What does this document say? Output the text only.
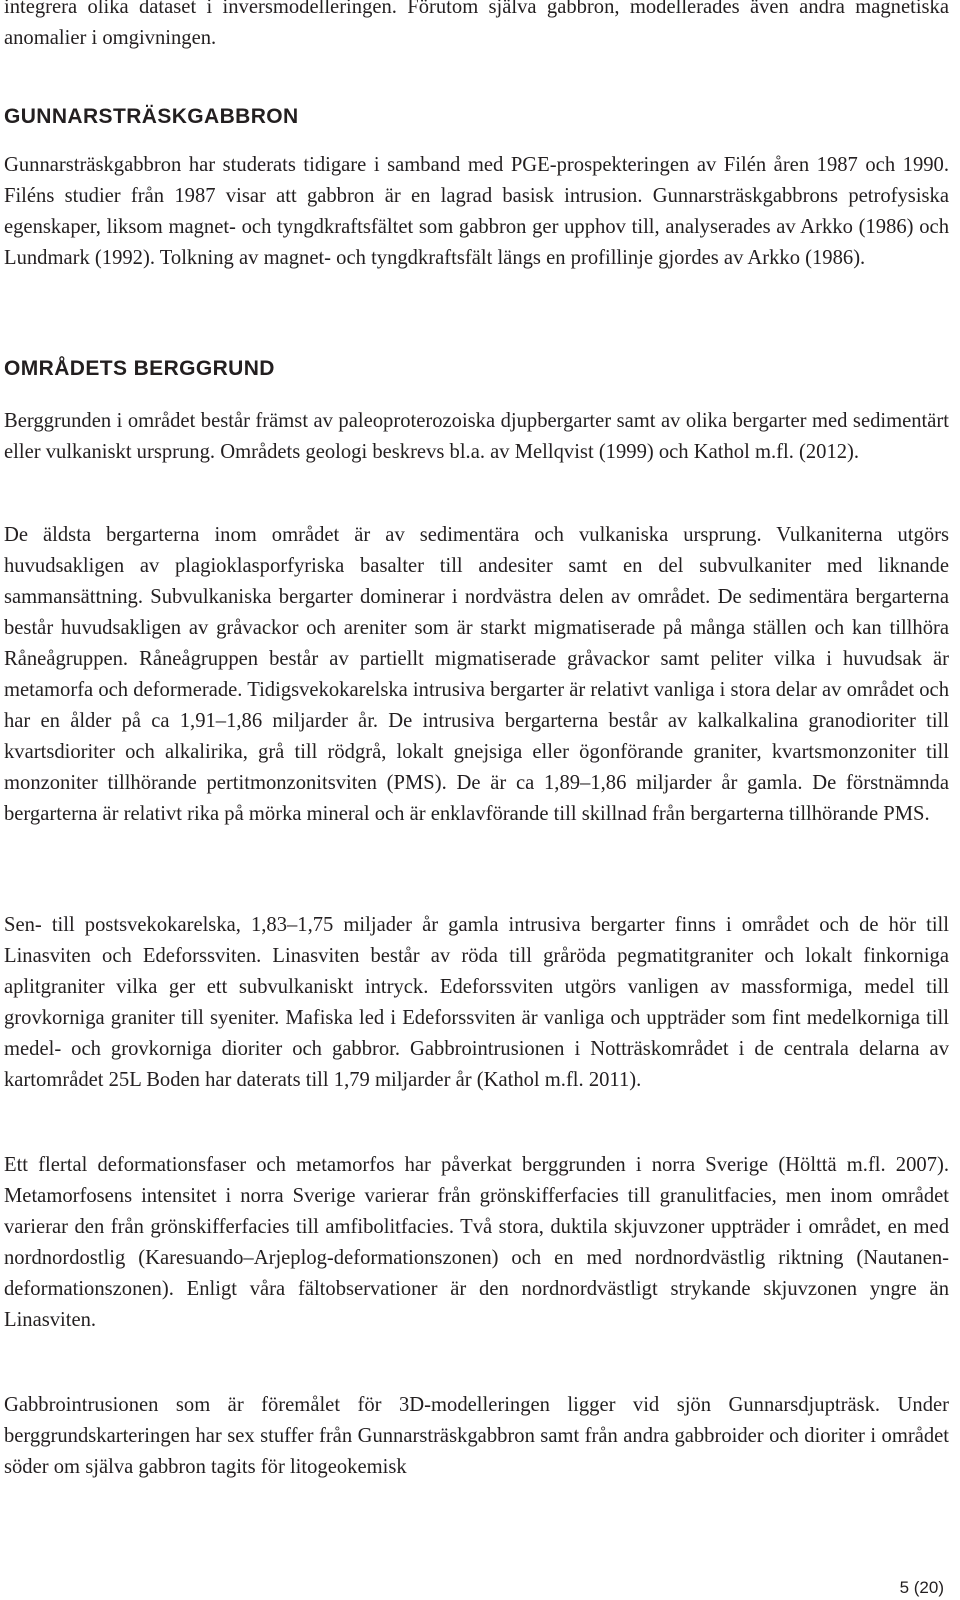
integrera olika dataset i inversmodelleringen. Förutom själva gabbron, modellerades även andra magnetiska anomalier i omgivningen.

GUNNARSTRÄSKGABBRON

Gunnarsträskgabbron har studerats tidigare i samband med PGE-prospekteringen av Filén åren 1987 och 1990. Filéns studier från 1987 visar att gabbron är en lagrad basisk intrusion. Gunnarsträskgabbrons petrofysiska egenskaper, liksom magnet- och tyngdkraftsfältet som gabbron ger upphov till, analyserades av Arkko (1986) och Lundmark (1992). Tolkning av magnet- och tyngdkraftsfält längs en profillinje gjordes av Arkko (1986).

OMRÅDETS BERGGRUND

Berggrunden i området består främst av paleoproterozoiska djupbergarter samt av olika bergarter med sedimentärt eller vulkaniskt ursprung. Områdets geologi beskrevs bl.a. av Mellqvist (1999) och Kathol m.fl. (2012).

De äldsta bergarterna inom området är av sedimentära och vulkaniska ursprung. Vulkaniterna utgörs huvudsakligen av plagioklasporfyriska basalter till andesiter samt en del subvulkaniter med liknande sammansättning. Subvulkaniska bergarter dominerar i nordvästra delen av området. De sedimentära bergarterna består huvudsakligen av gråvackor och areniter som är starkt migmatiserade på många ställen och kan tillhöra Råneågruppen. Råneågruppen består av partiellt migmatiserade gråvackor samt peliter vilka i huvudsak är metamorfa och deformerade. Tidigsvekokarelska intrusiva bergarter är relativt vanliga i stora delar av området och har en ålder på ca 1,91–1,86 miljarder år. De intrusiva bergarterna består av kalkalkalina granodioriter till kvartsdioriter och alkalirika, grå till rödgrå, lokalt gnejsiga eller ögonförande graniter, kvartsmonzoniter till monzoniter tillhörande pertitmonzonitsviten (PMS). De är ca 1,89–1,86 miljarder år gamla. De förstnämnda bergarterna är relativt rika på mörka mineral och är enklavförande till skillnad från bergarterna tillhörande PMS.

Sen- till postsvekokarelska, 1,83–1,75 miljader år gamla intrusiva bergarter finns i området och de hör till Linasviten och Edeforssviten. Linasviten består av röda till gråröda pegmatitgraniter och lokalt finkorniga aplitgraniter vilka ger ett subvulkaniskt intryck. Edeforssviten utgörs vanligen av massformiga, medel till grovkorniga graniter till syeniter. Mafiska led i Edeforssviten är vanliga och uppträder som fint medelkorniga till medel- och grovkorniga dioriter och gabbror. Gabbrointrusionen i Notträskområdet i de centrala delarna av kartområdet 25L Boden har daterats till 1,79 miljarder år (Kathol m.fl. 2011).

Ett flertal deformationsfaser och metamorfos har påverkat berggrunden i norra Sverige (Hölttä m.fl. 2007). Metamorfosens intensitet i norra Sverige varierar från grönskifferfacies till granulitfacies, men inom området varierar den från grönskifferfacies till amfibolitfacies. Två stora, duktila skjuvzoner uppträder i området, en med nordnordostlig (Karesuando–Arjeplog-deformationszonen) och en med nordnordvästlig riktning (Nautanen-deformationszonen). Enligt våra fältobservationer är den nordnordvästligt strykande skjuvzonen yngre än Linasviten.

Gabbrointrusionen som är föremålet för 3D-modelleringen ligger vid sjön Gunnarsdjupträsk. Under berggrundskarteringen har sex stuffer från Gunnarsträskgabbron samt från andra gabbroider och dioriter i området söder om själva gabbron tagits för litogeokemisk

5 (20)
